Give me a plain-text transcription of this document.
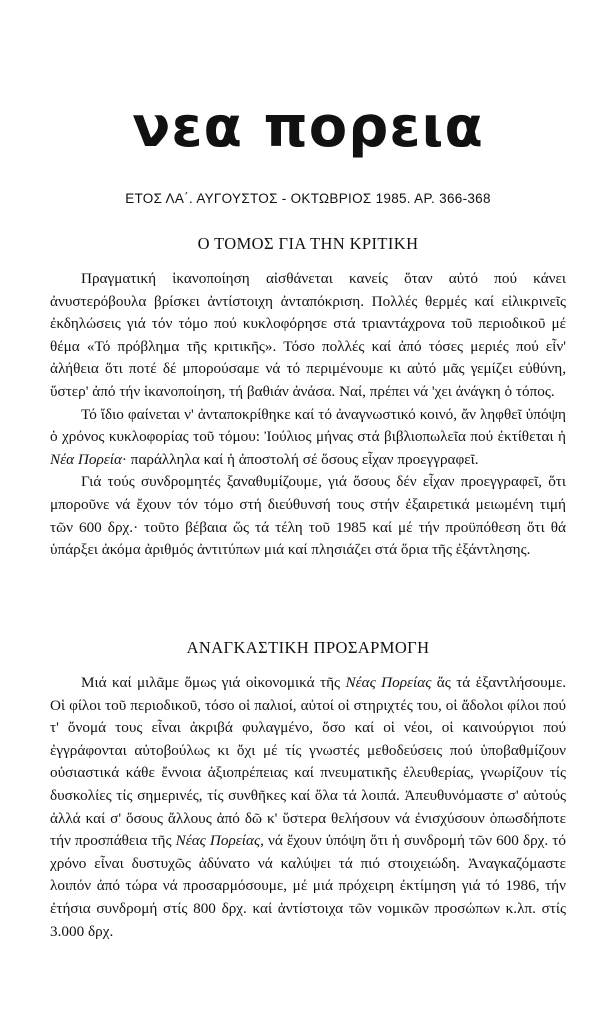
νεα πορεια
ΕΤΟΣ ΛΑ΄. ΑΥΓΟΥΣΤΟΣ - ΟΚΤΩΒΡΙΟΣ 1985. ΑΡ. 366-368
Ο ΤΟΜΟΣ ΓΙΑ ΤΗΝ ΚΡΙΤΙΚΗ

Πραγματική ἱκανοποίηση αἰσθάνεται κανείς ὅταν αὐτό πού κάνει ἀνυστερόβουλα βρίσκει ἀντίστοιχη ἀνταπόκριση. Πολλές θερμές καί εἰλικρινεῖς ἐκδηλώσεις γιά τόν τόμο πού κυκλοφόρησε στά τριαντάχρονα τοῦ περιοδικοῦ μέ θέμα «Τό πρόβλημα τῆς κριτικῆς». Τόσο πολλές καί ἀπό τόσες μεριές πού εἶν' ἀλήθεια ὅτι ποτέ δέ μπορούσαμε νά τό περιμένουμε κι αὐτό μᾶς γεμίζει εὐθύνη, ὕστερ' ἀπό τήν ἱκανοποίηση, τή βαθιάν ἀνάσα. Ναί, πρέπει νά 'χει ἀνάγκη ὁ τόπος.

Τό ἴδιο φαίνεται ν' ἀνταποκρίθηκε καί τό ἀναγνωστικό κοινό, ἄν ληφθεῖ ὑπόψη ὁ χρόνος κυκλοφορίας τοῦ τόμου: Ἰούλιος μήνας στά βιβλιοπωλεῖα πού ἐκτίθεται ἡ Νέα Πορεία· παράλληλα καί ἡ ἀποστολή σέ ὅσους εἶχαν προεγγραφεῖ.

Γιά τούς συνδρομητές ξαναθυμίζουμε, γιά ὅσους δέν εἶχαν προεγγραφεῖ, ὅτι μποροῦνε νά ἔχουν τόν τόμο στή διεύθυνσή τους στήν ἐξαιρετικά μειωμένη τιμή τῶν 600 δρχ.· τοῦτο βέβαια ὥς τά τέλη τοῦ 1985 καί μέ τήν προϋπόθεση ὅτι θά ὑπάρξει ἀκόμα ἀριθμός ἀντιτύπων μιά καί πλησιάζει στά ὅρια τῆς ἐξάντλησης.

ΑΝΑΓΚΑΣΤΙΚΗ ΠΡΟΣΑΡΜΟΓΗ

Μιά καί μιλᾶμε ὅμως γιά οἰκονομικά τῆς Νέας Πορείας ἄς τά ἐξαντλήσουμε. Οἱ φίλοι τοῦ περιοδικοῦ, τόσο οἱ παλιοί, αὐτοί οἱ στηριχτές του, οἱ ἄδολοι φίλοι πού τ' ὄνομά τους εἶναι ἀκριβά φυλαγμένο, ὅσο καί οἱ νέοι, οἱ καινούργιοι πού ἐγγράφονται αὐτοβούλως κι ὄχι μέ τίς γνωστές μεθοδεύσεις πού ὑποβαθμίζουν οὐσιαστικά κάθε ἔννοια ἀξιοπρέπειας καί πνευματικῆς ἐλευθερίας, γνωρίζουν τίς δυσκολίες τίς σημερινές, τίς συνθῆκες καί ὅλα τά λοιπά. Ἀπευθυνόμαστε σ' αὐτούς ἀλλά καί σ' ὅσους ἄλλους ἀπό δῶ κ' ὕστερα θελήσουν νά ἐνισχύσουν ὁπωσδήποτε τήν προσπάθεια τῆς Νέας Πορείας, νά ἔχουν ὑπόψη ὅτι ἡ συνδρομή τῶν 600 δρχ. τό χρόνο εἶναι δυστυχῶς ἀδύνατο νά καλύψει τά πιό στοιχειώδη. Ἀναγκαζόμαστε λοιπόν ἀπό τώρα νά προσαρμόσουμε, μέ μιά πρόχειρη ἐκτίμηση γιά τό 1986, τήν ἐτήσια συνδρομή στίς 800 δρχ. καί ἀντίστοιχα τῶν νομικῶν προσώπων κ.λπ. στίς 3.000 δρχ.
